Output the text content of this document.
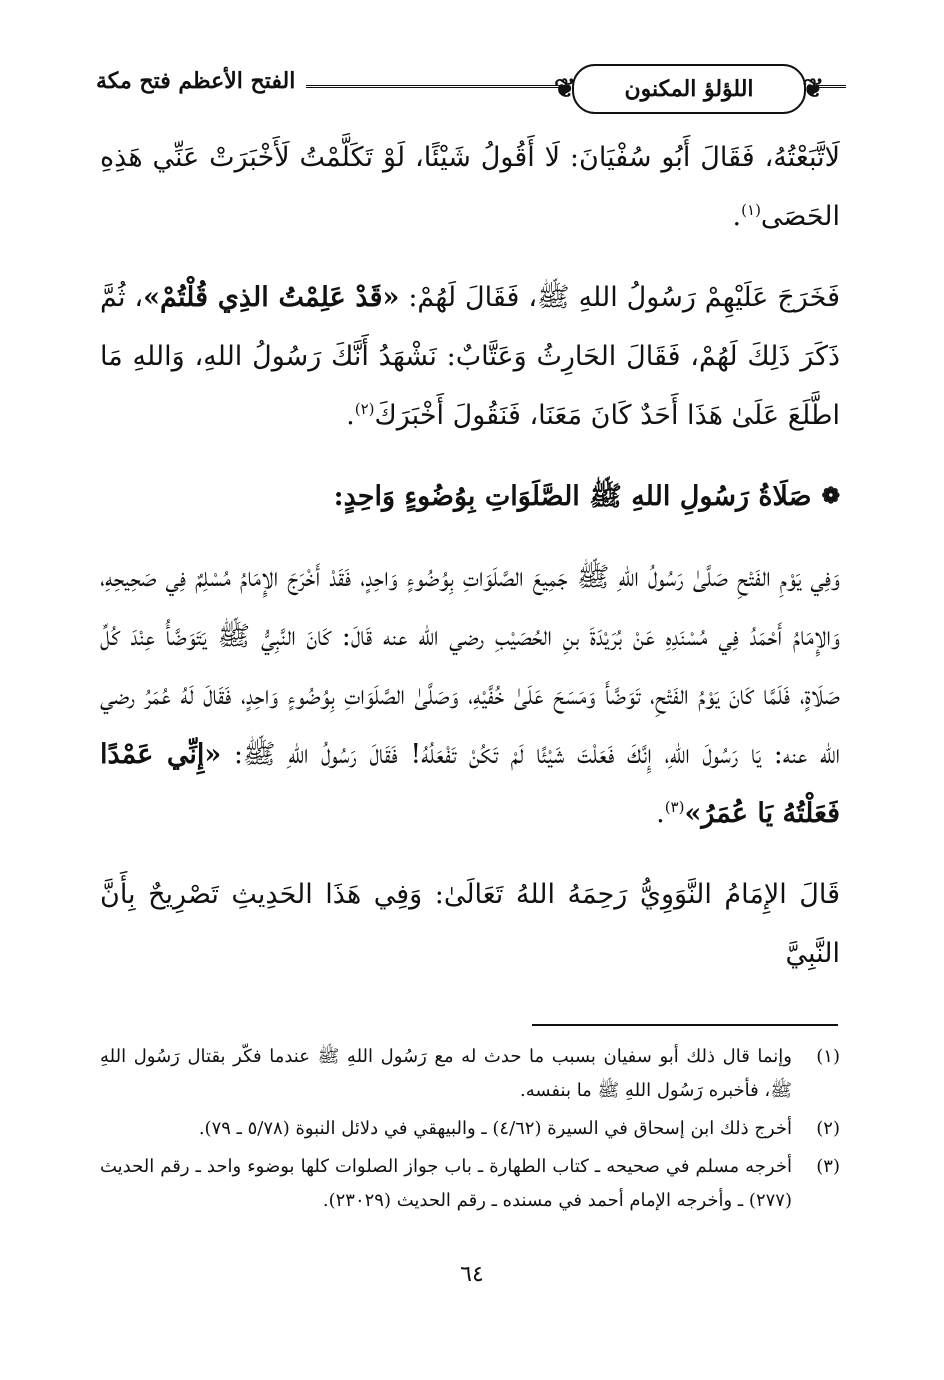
❦
اللؤلؤ المكنون
❦
الفتح الأعظم فتح مكة

لَاتَّبَعْتُهُ، فَقَالَ أَبُو سُفْيَانَ: لَا أَقُولُ شَيْئًا، لَوْ تَكَلَّمْتُ لَأَخْبَرَتْ عَنِّي هَذِهِ الحَصَى$^{(١)}$.

فَخَرَجَ عَلَيْهِمْ رَسُولُ اللهِ ﷺ، فَقَالَ لَهُمْ: «قَدْ عَلِمْتُ الذِي قُلْتُمْ»، ثُمَّ ذَكَرَ ذَلِكَ لَهُمْ، فَقَالَ الحَارِثُ وَعَتَّابٌ: نَشْهَدُ أَنَّكَ رَسُولُ اللهِ، وَاللهِ مَا اطَّلَعَ عَلَىٰ هَذَا أَحَدٌ كَانَ مَعَنَا، فَنَقُولَ أَخْبَرَكَ$^{(٢)}$.

❁
صَلَاةُ رَسُولِ اللهِ ﷺ الصَّلَوَاتِ بِوُضُوءٍ وَاحِدٍ:

وَفِي يَوْمِ الفَتْحِ صَلَّىٰ رَسُولُ اللهِ ﷺ جَمِيعَ الصَّلَوَاتِ بِوُضُوءٍ وَاحِدٍ، فَقَدْ أَخْرَجَ الإِمَامُ مُسْلِمٌ فِي صَحِيحِهِ، وَالإِمَامُ أَحْمَدُ فِي مُسْنَدِهِ عَنْ بُرَيْدَةَ بنِ الحُصَيْبِ رضي الله عنه قَالَ: كَانَ النَّبِيُّ ﷺ يَتَوَضَّأُ عِنْدَ كُلِّ صَلَاةٍ، فَلَمَّا كَانَ يَوْمُ الفَتْحِ، تَوَضَّأَ وَمَسَحَ عَلَىٰ خُفَّيْهِ، وَصَلَّىٰ الصَّلَوَاتِ بِوُضُوءٍ وَاحِدٍ، فَقَالَ لَهُ عُمَرُ رضي الله عنه: يَا رَسُولَ اللهِ، إِنَّكَ فَعَلْتَ شَيْئًا لَمْ تَكُنْ تَفْعَلُهُ! فَقَالَ رَسُولُ اللهِ ﷺ: «إِنِّي عَمْدًا فَعَلْتُهُ يَا عُمَرُ»$^{(٣)}$.

قَالَ الإِمَامُ النَّوَوِيُّ رَحِمَهُ اللهُ تَعَالَىٰ: وَفِي هَذَا الحَدِيثِ تَصْرِيحٌ بِأَنَّ النَّبِيَّ

(١)
وإنما قال ذلك أبو سفيان بسبب ما حدث له مع رَسُول اللهِ ﷺ عندما فكّر بقتال رَسُول اللهِ ﷺ، فأخبره رَسُول اللهِ ﷺ ما بنفسه.
(٢)
أخرج ذلك ابن إسحاق في السيرة (٤/٦٢) ـ والبيهقي في دلائل النبوة (٥/٧٨ ـ ٧٩).
(٣)
أخرجه مسلم في صحيحه ـ كتاب الطهارة ـ باب جواز الصلوات كلها بوضوء واحد ـ رقم الحديث (٢٧٧) ـ وأخرجه الإمام أحمد في مسنده ـ رقم الحديث (٢٣٠٢٩).
٦٤
